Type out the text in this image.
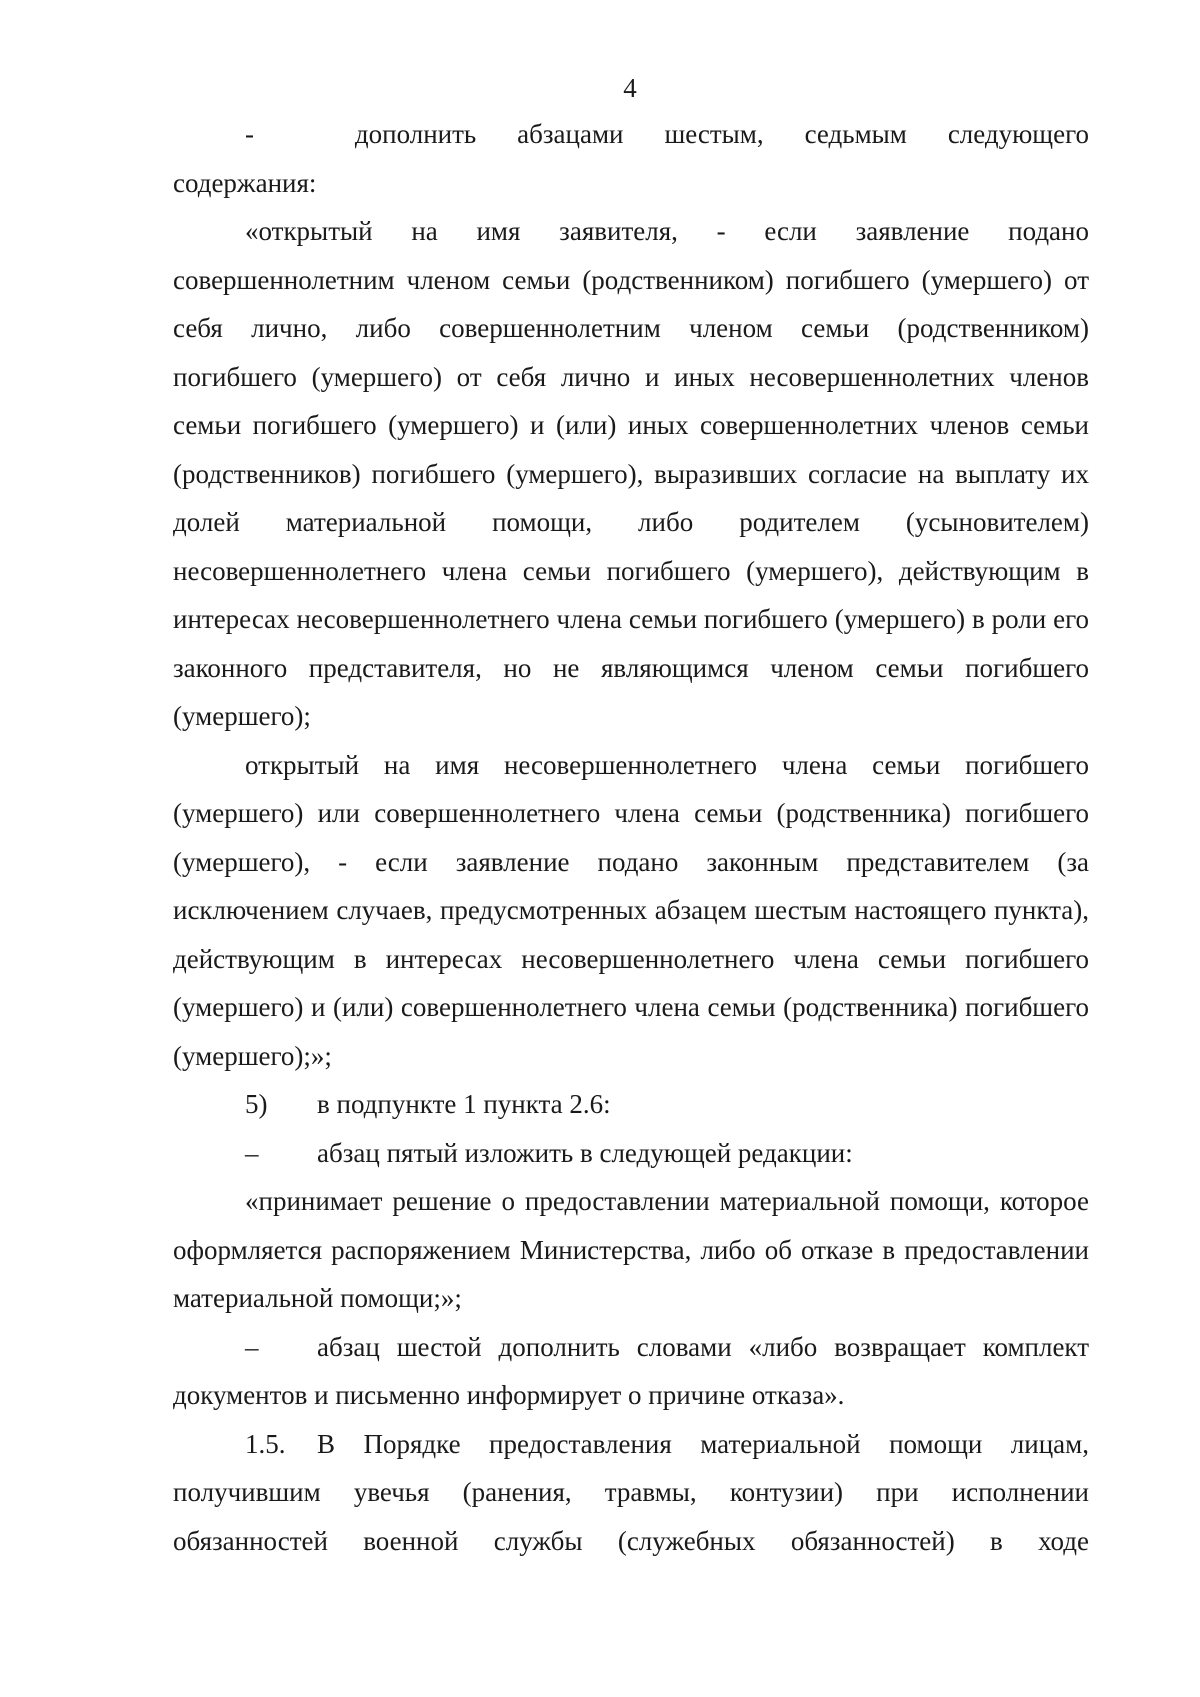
4
-	дополнить абзацами шестым, седьмым следующего

содержания:

«открытый на имя заявителя, - если заявление подано совершеннолетним членом семьи (родственником) погибшего (умершего) от себя лично, либо совершеннолетним членом семьи (родственником) погибшего (умершего) от себя лично и иных несовершеннолетних членов семьи погибшего (умершего) и (или) иных совершеннолетних членов семьи (родственников) погибшего (умершего), выразивших согласие на выплату их долей материальной помощи, либо родителем (усыновителем) несовершеннолетнего члена семьи погибшего (умершего), действующим в интересах несовершеннолетнего члена семьи погибшего (умершего) в роли его законного представителя, но не являющимся членом семьи погибшего (умершего);

открытый на имя несовершеннолетнего члена семьи погибшего (умершего) или совершеннолетнего члена семьи (родственника) погибшего (умершего), - если заявление подано законным представителем (за исключением случаев, предусмотренных абзацем шестым настоящего пункта), действующим в интересах несовершеннолетнего члена семьи погибшего (умершего) и (или) совершеннолетнего члена семьи (родственника) погибшего (умершего);»;

5)	в подпункте 1 пункта 2.6:
–	абзац пятый изложить в следующей редакции:

«принимает решение о предоставлении материальной помощи, которое оформляется распоряжением Министерства, либо об отказе в предоставлении материальной помощи;»;

–	абзац шестой дополнить словами «либо возвращает комплект

документов и письменно информирует о причине отказа».

1.5.	В Порядке предоставления материальной помощи лицам,

получившим увечья (ранения, травмы, контузии) при исполнении обязанностей военной службы (служебных обязанностей) в ходе
